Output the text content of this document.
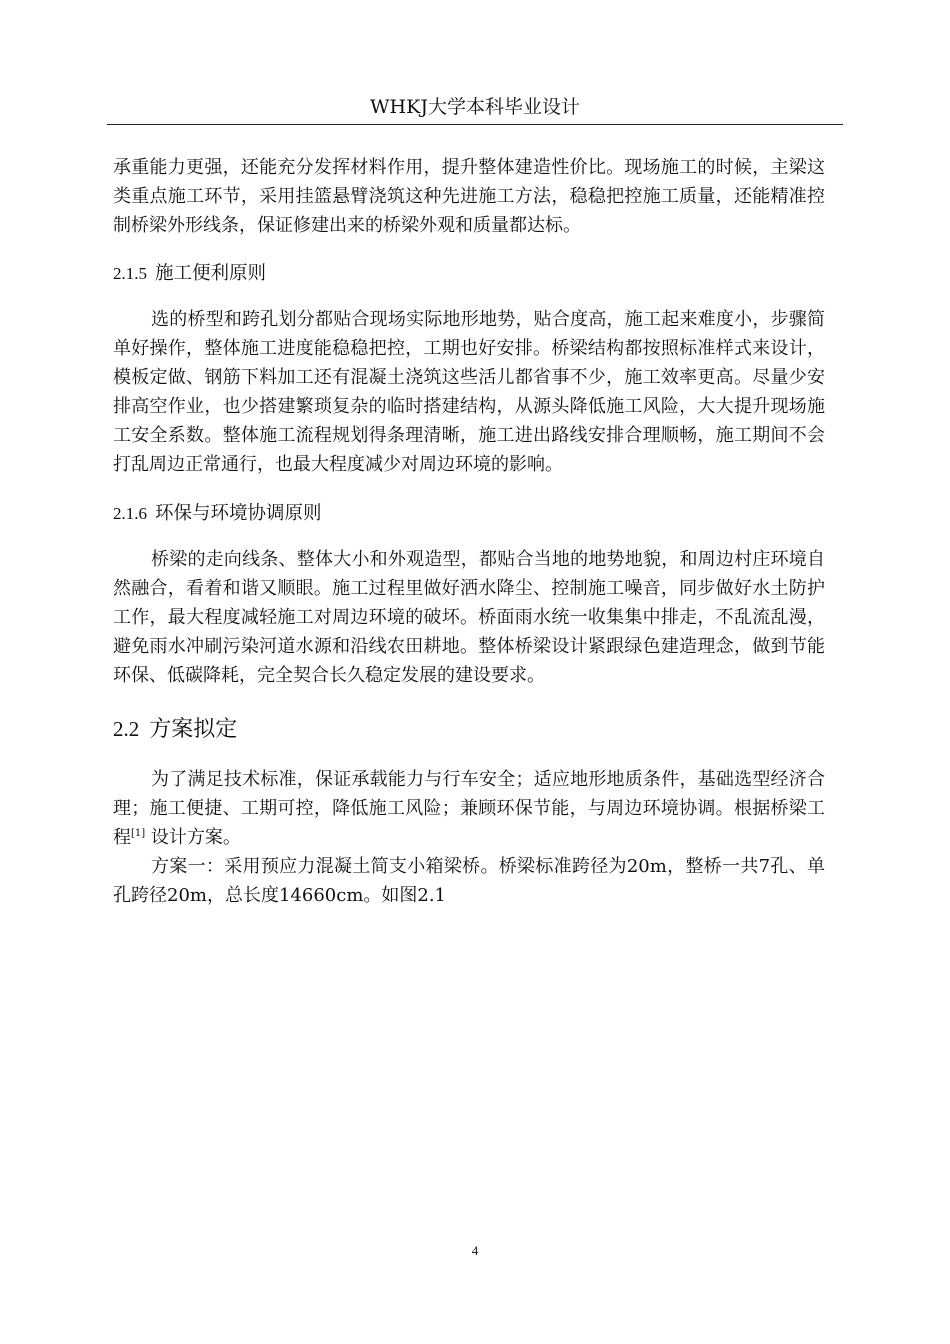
WHKJ大学本科毕业设计

承重能力更强，还能充分发挥材料作用，提升整体建造性价比。现场施工的时候，主梁这类重点施工环节，采用挂篮悬臂浇筑这种先进施工方法，稳稳把控施工质量，还能精准控制桥梁外形线条，保证修建出来的桥梁外观和质量都达标。

2.1.5 施工便利原则

选的桥型和跨孔划分都贴合现场实际地形地势，贴合度高，施工起来难度小，步骤简单好操作，整体施工进度能稳稳把控，工期也好安排。桥梁结构都按照标准样式来设计，模板定做、钢筋下料加工还有混凝土浇筑这些活儿都省事不少，施工效率更高。尽量少安排高空作业，也少搭建繁琐复杂的临时搭建结构，从源头降低施工风险，大大提升现场施工安全系数。整体施工流程规划得条理清晰，施工进出路线安排合理顺畅，施工期间不会打乱周边正常通行，也最大程度减少对周边环境的影响。

2.1.6 环保与环境协调原则

桥梁的走向线条、整体大小和外观造型，都贴合当地的地势地貌，和周边村庄环境自然融合，看着和谐又顺眼。施工过程里做好洒水降尘、控制施工噪音，同步做好水土防护工作，最大程度减轻施工对周边环境的破坏。桥面雨水统一收集集中排走，不乱流乱漫，避免雨水冲刷污染河道水源和沿线农田耕地。整体桥梁设计紧跟绿色建造理念，做到节能环保、低碳降耗，完全契合长久稳定发展的建设要求。

2.2 方案拟定

为了满足技术标准，保证承载能力与行车安全；适应地形地质条件，基础选型经济合理；施工便捷、工期可控，降低施工风险；兼顾环保节能，与周边环境协调。根据桥梁工程[1] 设计方案。

方案一：采用预应力混凝土简支小箱梁桥。桥梁标准跨径为20m，整桥一共7孔、单孔跨径20m，总长度14660cm。如图2.1

4
